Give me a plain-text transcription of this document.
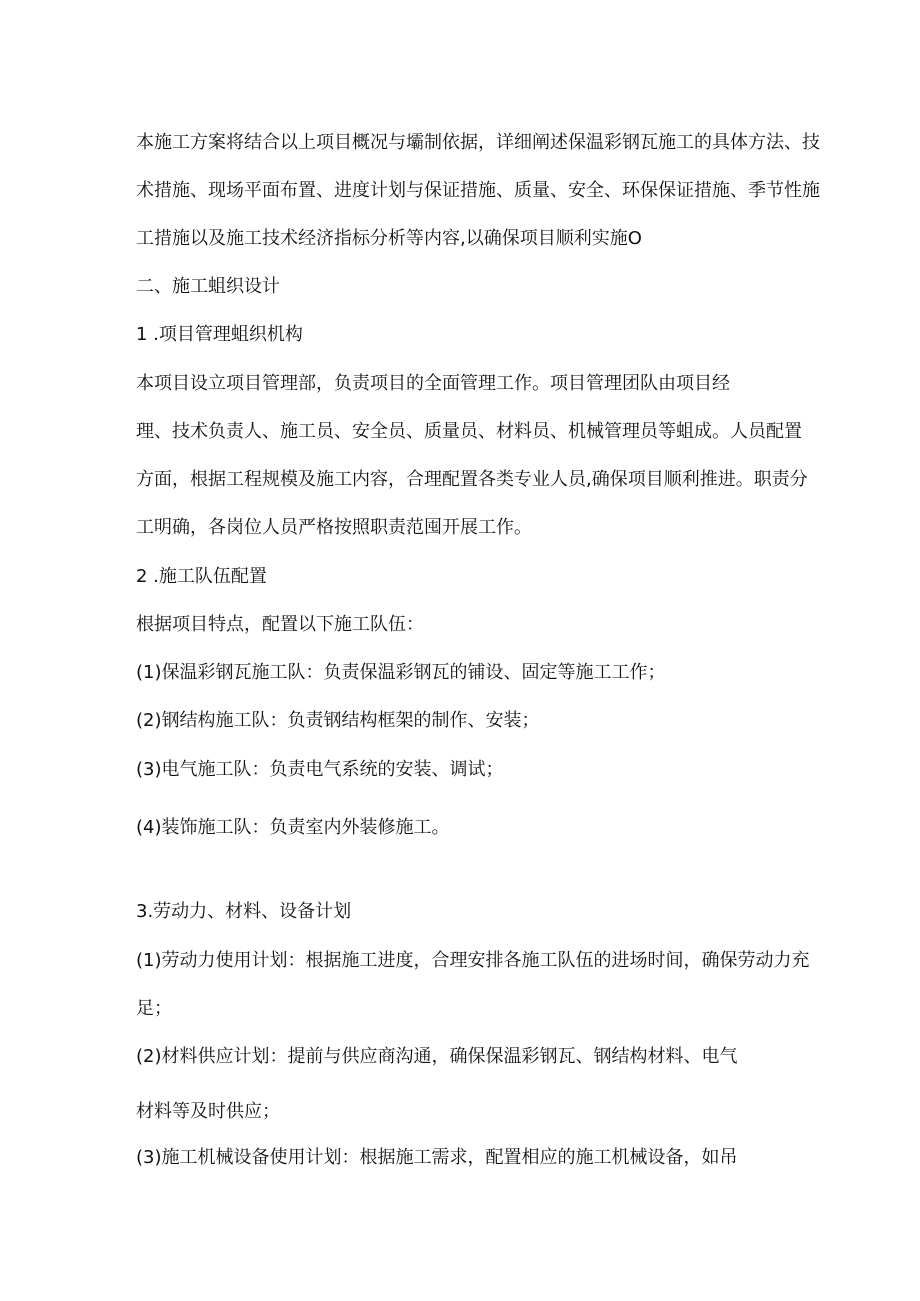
本施工方案将结合以上项目概况与壩制依据，详细阐述保温彩钢瓦施工的具体方法、技
术措施、现场平面布置、进度计划与保证措施、质量、安全、环保保证措施、季节性施
工措施以及施工技术经济指标分析等内容,以确保项目顺利实施O
二、施工蛆织设计
1 .项目管理蛆织机构
本项目设立项目管理部，负责项目的全面管理工作。项目管理团队由项目经
理、技术负责人、施工员、安全员、质量员、材料员、机械管理员等蛆成。人员配置
方面，根据工程规模及施工内容，合理配置各类专业人员,确保项目顺利推进。职责分
工明确，各岗位人员严格按照职责范囤开展工作。
2 .施工队伍配置
根据项目特点，配置以下施工队伍：
(1)保温彩钢瓦施工队：负责保温彩钢瓦的铺设、固定等施工工作；
(2)钢结构施工队：负责钢结构框架的制作、安装；
(3)电气施工队：负责电气系统的安装、调试；
(4)装饰施工队：负责室内外装修施工。
3.劳动力、材料、设备计划
(1)劳动力使用计划：根据施工进度，合理安排各施工队伍的进场时间，确保劳动力充
足；
(2)材料供应计划：提前与供应商沟通，确保保温彩钢瓦、钢结构材料、电气
材料等及时供应；
(3)施工机械设备使用计划：根据施工需求，配置相应的施工机械设备，如吊
